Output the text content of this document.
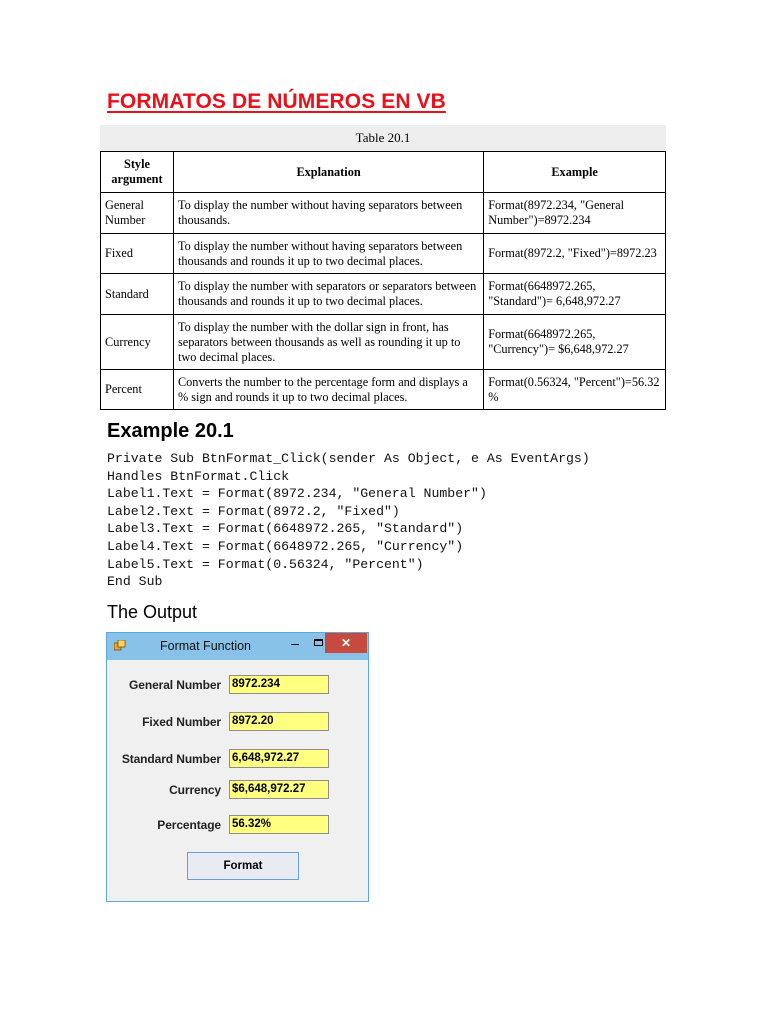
FORMATOS DE NÚMEROS EN VB
Table 20.1
Style argument	Explanation	Example
General Number	To display the number without having separators between thousands.	Format(8972.234, "General Number")=8972.234
Fixed	To display the number without having separators between thousands and rounds it up to two decimal places.	Format(8972.2, "Fixed")=8972.23
Standard	To display the number with separators or separators between thousands and rounds it up to two decimal places.	Format(6648972.265, "Standard")= 6,648,972.27
Currency	To display the number with the dollar sign in front, has separators between thousands as well as rounding it up to two decimal places.	Format(6648972.265, "Currency")= $6,648,972.27
Percent	Converts the number to the percentage form and displays a % sign and rounds it up to two decimal places.	Format(0.56324, "Percent")=56.32 %
Example 20.1
Private Sub BtnFormat_Click(sender As Object, e As EventArgs)
Handles BtnFormat.Click
Label1.Text = Format(8972.234, "General Number")
Label2.Text = Format(8972.2, "Fixed")
Label3.Text = Format(6648972.265, "Standard")
Label4.Text = Format(6648972.265, "Currency")
Label5.Text = Format(0.56324, "Percent")
End Sub
The Output
Format Function	–	✕
General Number 8972.234
Fixed Number 8972.20
Standard Number 6,648,972.27
Currency $6,648,972.27
Percentage 56.32%
Format
